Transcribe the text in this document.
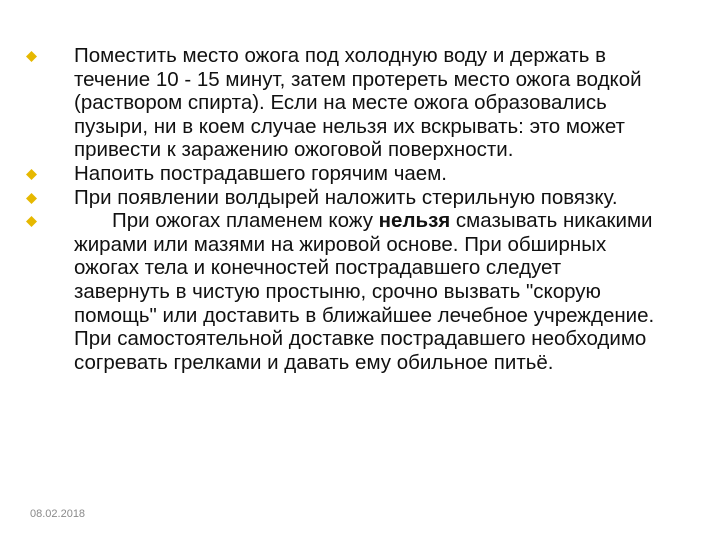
Поместить место ожога под холодную воду и держать в течение 10 - 15 минут, затем протереть место ожога водкой (раствором спирта). Если на месте ожога образовались пузыри, ни в коем случае нельзя их вскрывать: это может привести к заражению ожоговой поверхности.
Напоить пострадавшего горячим чаем.
При появлении волдырей наложить стерильную повязку.
При ожогах пламенем кожу нельзя смазывать никакими жирами или мазями на жировой основе. При обширных ожогах тела и конечностей пострадавшего следует завернуть в чистую простыню, срочно вызвать "скорую помощь" или доставить в ближайшее лечебное учреждение. При самостоятельной доставке пострадавшего необходимо согревать грелками и давать ему обильное питьё.
08.02.2018
